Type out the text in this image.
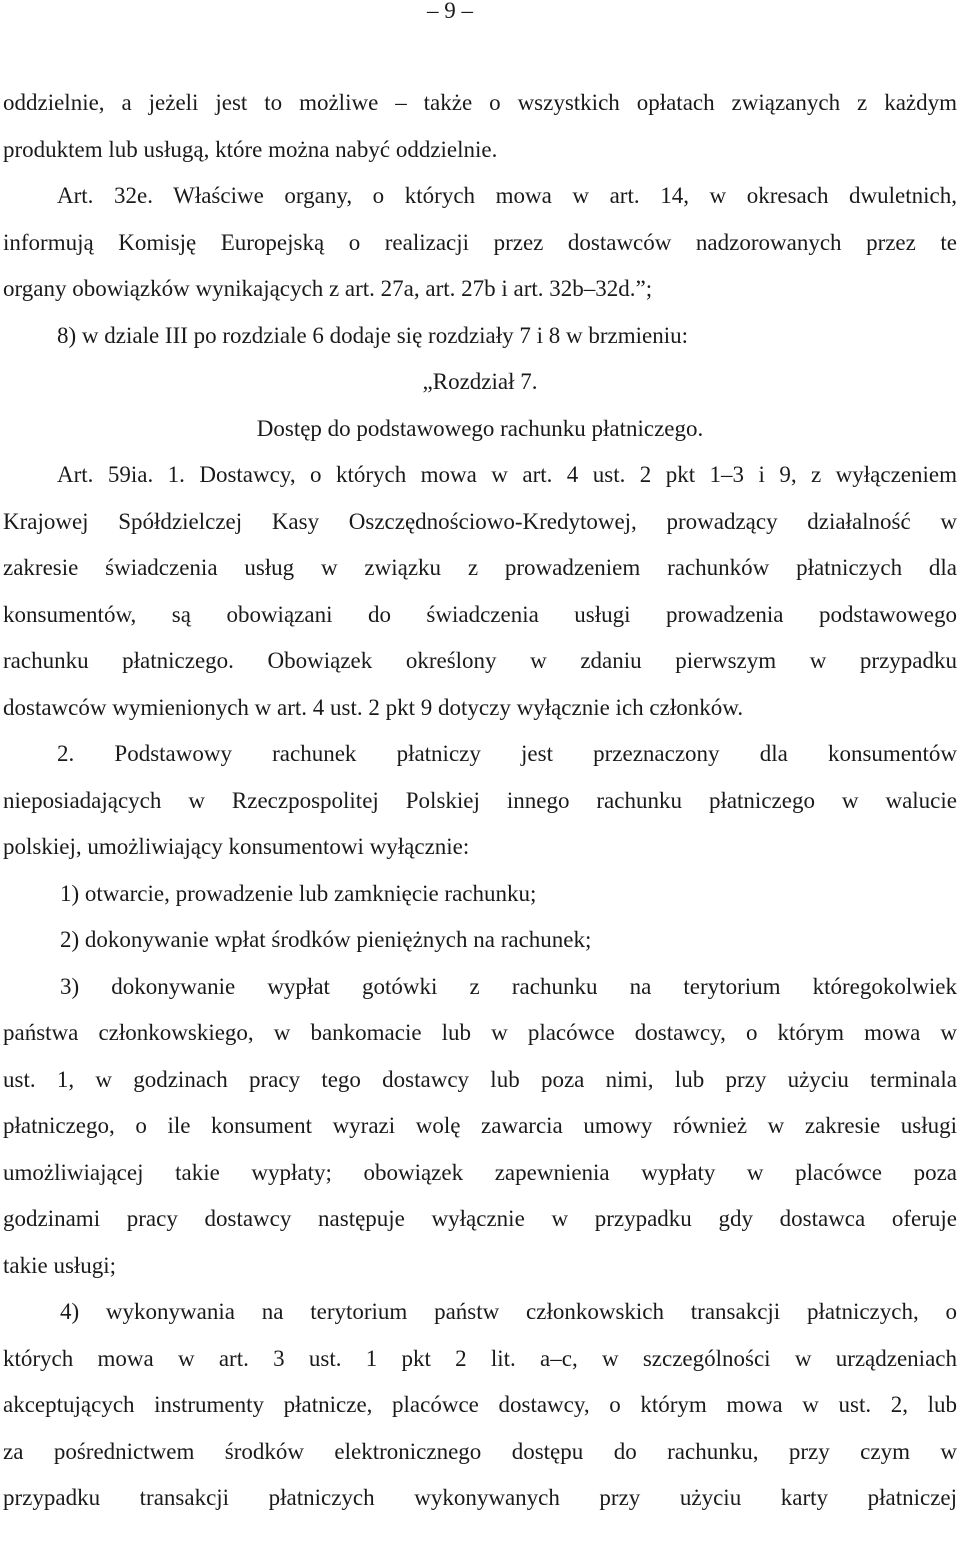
– 9 –
oddzielnie, a jeżeli jest to możliwe – także o wszystkich opłatach związanych z każdym
produktem lub usługą, które można nabyć oddzielnie.
Art. 32e. Właściwe organy, o których mowa w art. 14, w okresach dwuletnich,
informują Komisję Europejską o realizacji przez dostawców nadzorowanych przez te
organy obowiązków wynikających z art. 27a, art. 27b i art. 32b–32d.”;
8) w dziale III po rozdziale 6 dodaje się rozdziały 7 i 8 w brzmieniu:
„Rozdział 7.
Dostęp do podstawowego rachunku płatniczego.
Art. 59ia. 1. Dostawcy, o których mowa w art. 4 ust. 2 pkt 1–3 i 9, z wyłączeniem
Krajowej Spółdzielczej Kasy Oszczędnościowo-Kredytowej, prowadzący działalność w
zakresie świadczenia usług w związku z prowadzeniem rachunków płatniczych dla
konsumentów, są obowiązani do świadczenia usługi prowadzenia podstawowego
rachunku płatniczego. Obowiązek określony w zdaniu pierwszym w przypadku
dostawców wymienionych w art. 4 ust. 2 pkt 9 dotyczy wyłącznie ich członków.
2. Podstawowy rachunek płatniczy jest przeznaczony dla konsumentów
nieposiadających w Rzeczpospolitej Polskiej innego rachunku płatniczego w walucie
polskiej, umożliwiający konsumentowi wyłącznie:
1) otwarcie, prowadzenie lub zamknięcie rachunku;
2) dokonywanie wpłat środków pieniężnych na rachunek;
3) dokonywanie wypłat gotówki z rachunku na terytorium któregokolwiek
państwa członkowskiego, w bankomacie lub w placówce dostawcy, o którym mowa w
ust. 1, w godzinach pracy tego dostawcy lub poza nimi, lub przy użyciu terminala
płatniczego, o ile konsument wyrazi wolę zawarcia umowy również w zakresie usługi
umożliwiającej takie wypłaty; obowiązek zapewnienia wypłaty w placówce poza
godzinami pracy dostawcy następuje wyłącznie w przypadku gdy dostawca oferuje
takie usługi;
4) wykonywania na terytorium państw członkowskich transakcji płatniczych, o
których mowa w art. 3 ust. 1 pkt 2 lit. a–c, w szczególności w urządzeniach
akceptujących instrumenty płatnicze, placówce dostawcy, o którym mowa w ust. 2, lub
za pośrednictwem środków elektronicznego dostępu do rachunku, przy czym w
przypadku transakcji płatniczych wykonywanych przy użyciu karty płatniczej
